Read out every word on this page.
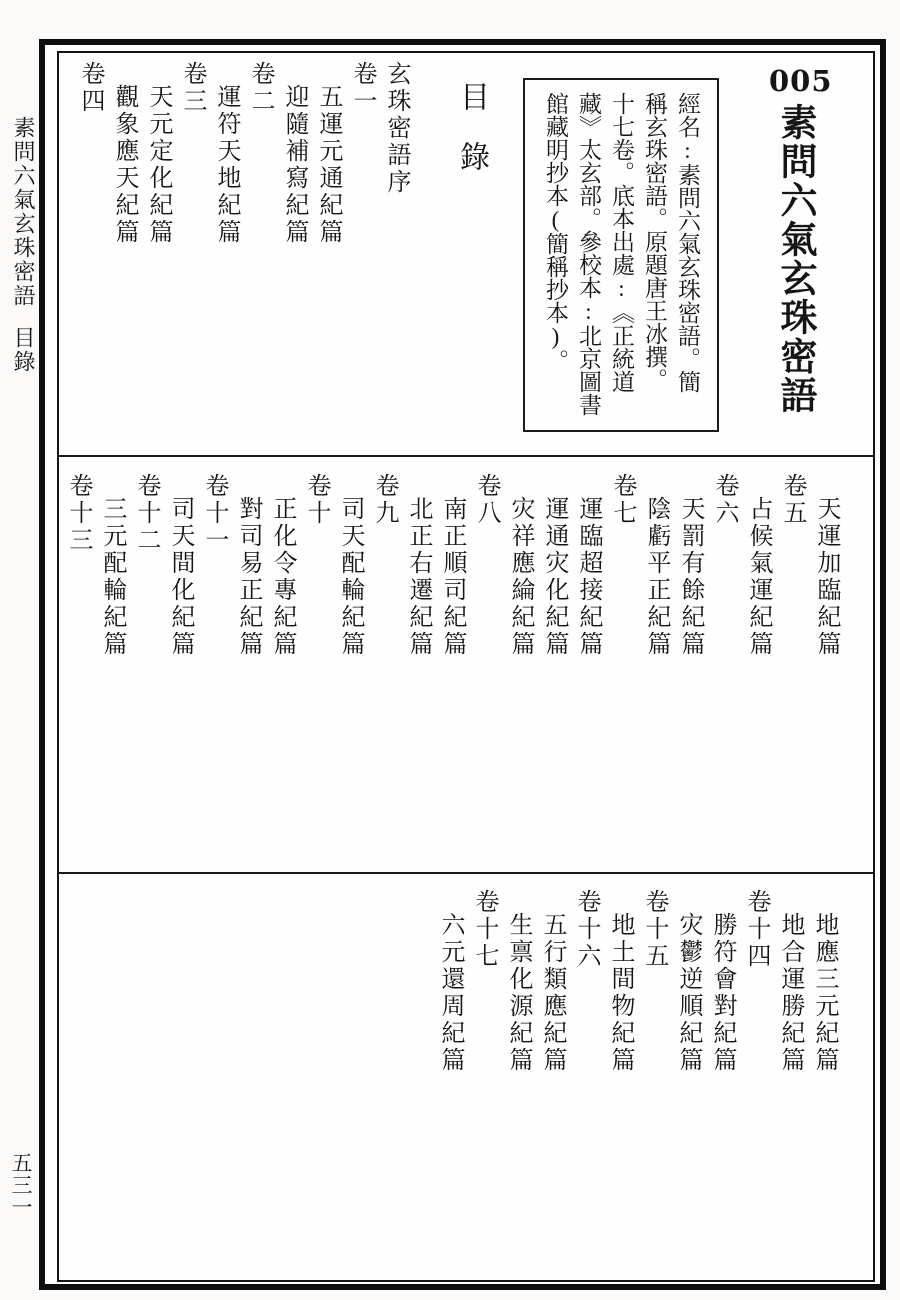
素問六氣玄珠密語目錄
五三一
005
素問六氣玄珠密語
經名:素問六氣玄珠密語。簡
稱玄珠密語。原題唐王冰撰。
十七卷。底本出處:《正統道
藏》太玄部。參校本:北京圖書
館藏明抄本(簡稱抄本)。
目錄
玄珠密語序
卷一
五運元通紀篇
迎隨補寫紀篇
卷二
運符天地紀篇
卷三
天元定化紀篇
觀象應天紀篇
卷四
天運加臨紀篇
卷五
占候氣運紀篇
卷六
天罰有餘紀篇
陰虧平正紀篇
卷七
運臨超接紀篇
運通灾化紀篇
灾祥應綸紀篇
卷八
南正順司紀篇
北正右遷紀篇
卷九
司天配輪紀篇
卷十
正化令專紀篇
對司易正紀篇
卷十一
司天間化紀篇
卷十二
三元配輪紀篇
卷十三
地應三元紀篇
地合運勝紀篇
卷十四
勝符會對紀篇
灾鬱逆順紀篇
卷十五
地土間物紀篇
卷十六
五行類應紀篇
生禀化源紀篇
卷十七
六元還周紀篇
